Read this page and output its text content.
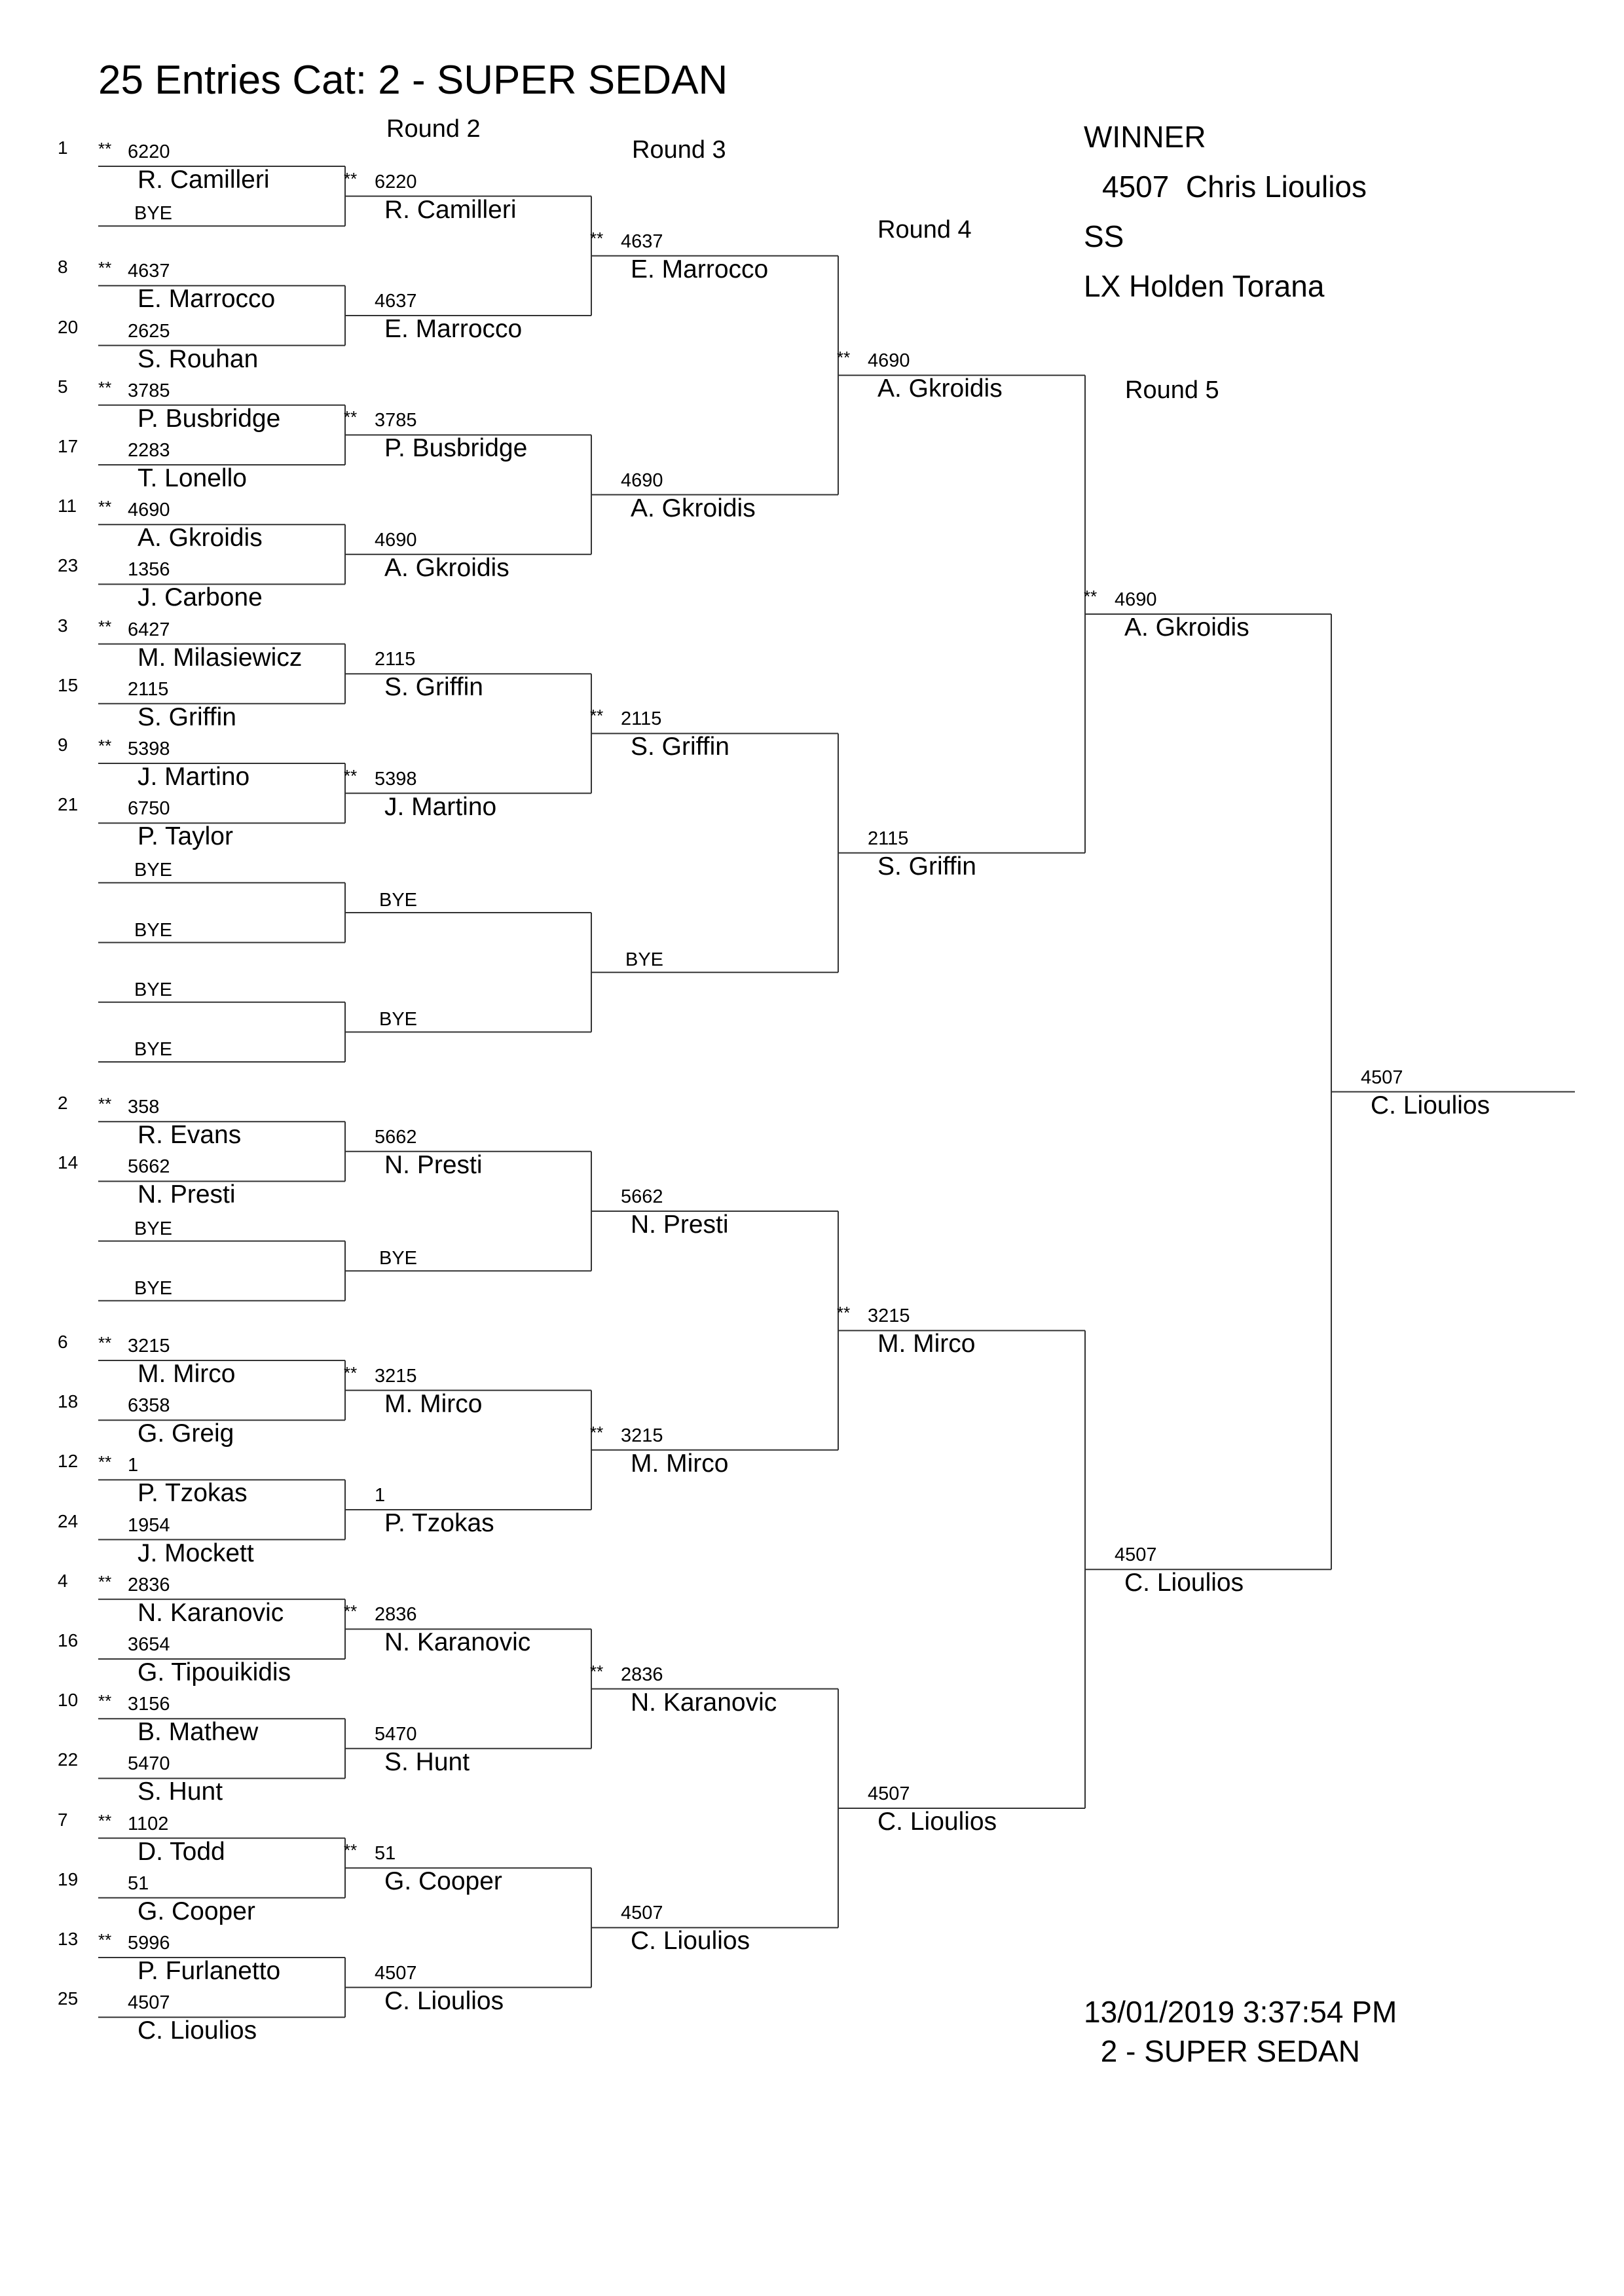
25 Entries Cat: 2 - SUPER SEDAN
Round 2
Round 3
Round 4
Round 5
WINNER
4507  Chris Lioulios
SS
LX Holden Torana
13/01/2019 3:37:54 PM
2 - SUPER SEDAN
1 ** 6220
R. Camilleri
BYE
8 ** 4637
E. Marrocco
20	2625
S. Rouhan
5 ** 3785
P. Busbridge
17	2283
T. Lonello
11 ** 4690
A. Gkroidis
23	1356
J. Carbone
3 ** 6427
M. Milasiewicz
15	2115
S. Griffin
9 ** 5398
J. Martino
21	6750
P. Taylor
BYE
BYE
BYE
BYE
2 ** 358
R. Evans
14	5662
N. Presti
BYE
BYE
6 ** 3215
M. Mirco
18	6358
G. Greig
12 ** 1
P. Tzokas
24	1954
J. Mockett
4 ** 2836
N. Karanovic
16	3654
G. Tipouikidis
10 ** 3156
B. Mathew
22	5470
S. Hunt
7 ** 1102
D. Todd
19	51
G. Cooper
13 ** 5996
P. Furlanetto
25	4507
C. Lioulios
** 6220
R. Camilleri
4637
E. Marrocco
** 3785
P. Busbridge
4690
A. Gkroidis
2115
S. Griffin
** 5398
J. Martino
BYE
BYE
5662
N. Presti
BYE
** 3215
M. Mirco
1
P. Tzokas
** 2836
N. Karanovic
5470
S. Hunt
** 51
G. Cooper
4507
C. Lioulios
** 4637
E. Marrocco
4690
A. Gkroidis
** 2115
S. Griffin
BYE
5662
N. Presti
** 3215
M. Mirco
** 2836
N. Karanovic
4507
C. Lioulios
** 4690
A. Gkroidis
2115
S. Griffin
** 3215
M. Mirco
4507
C. Lioulios
** 4690
A. Gkroidis
4507
C. Lioulios
4507
C. Lioulios
